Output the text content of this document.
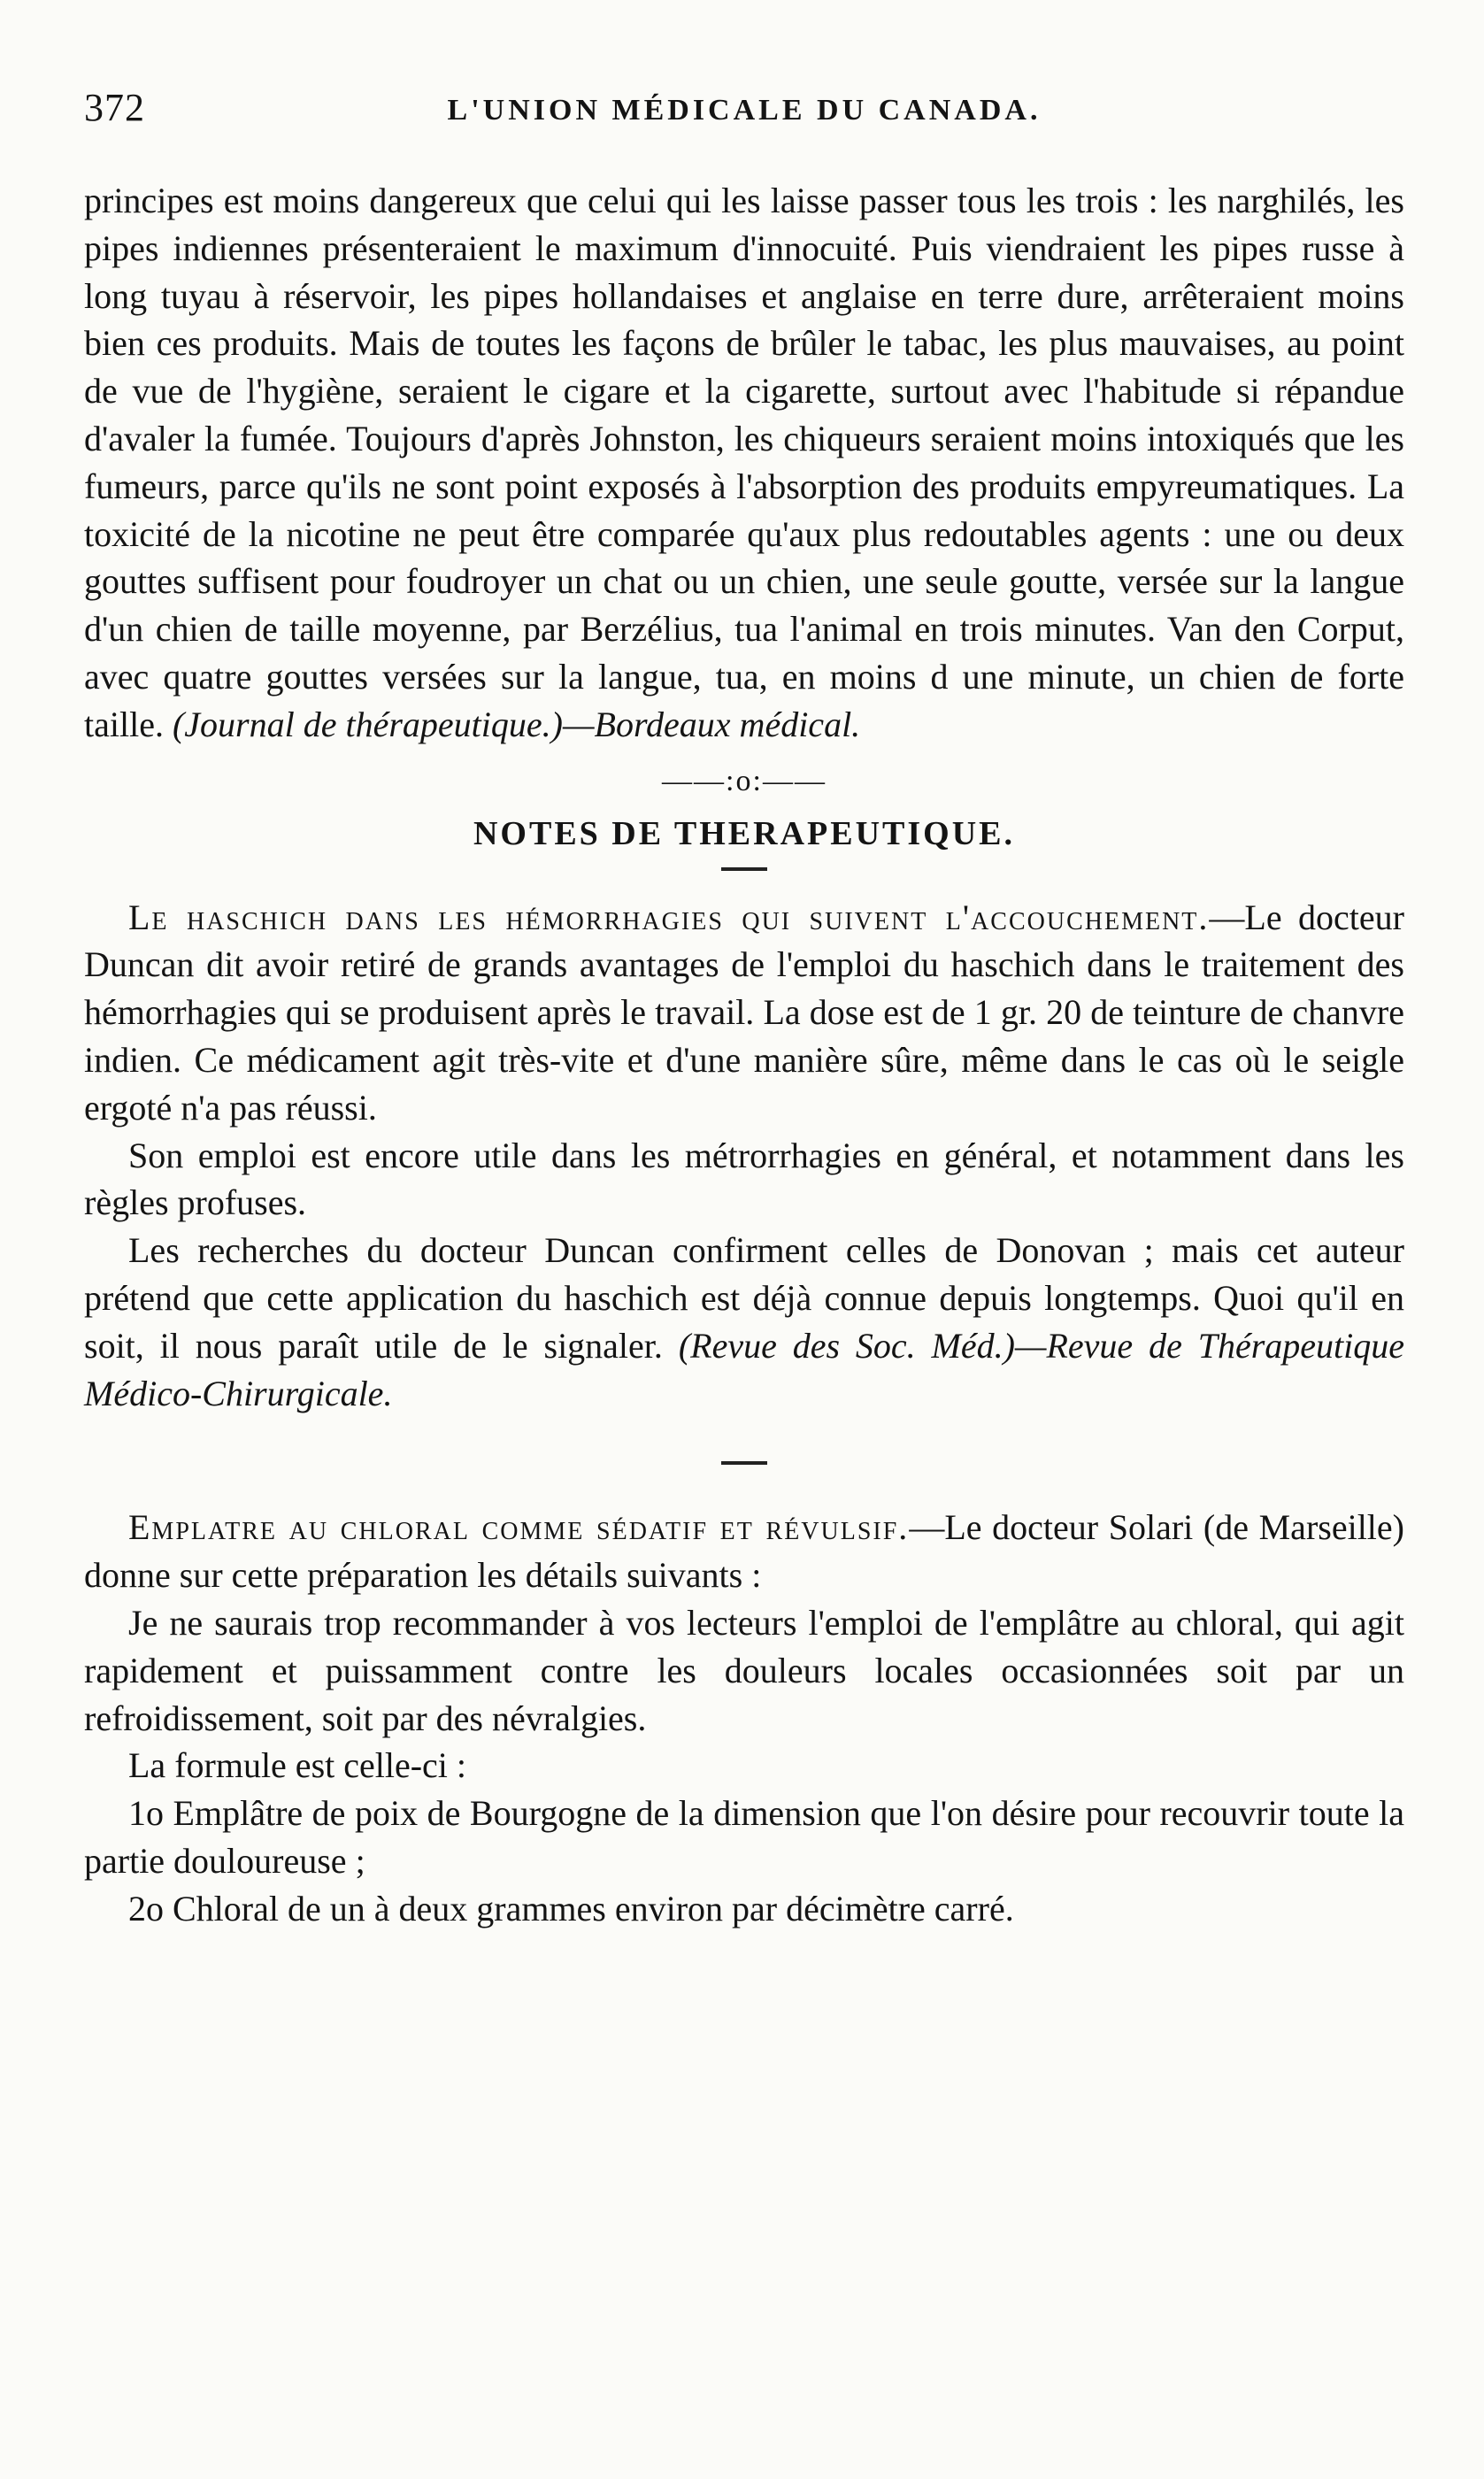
372	L'UNION MÉDICALE DU CANADA.

principes est moins dangereux que celui qui les laisse passer tous les trois : les narghilés, les pipes indiennes présenteraient le maximum d'innocuité. Puis viendraient les pipes russe à long tuyau à réservoir, les pipes hollandaises et anglaise en terre dure, arrêteraient moins bien ces produits. Mais de toutes les façons de brûler le tabac, les plus mauvaises, au point de vue de l'hygiène, seraient le cigare et la cigarette, surtout avec l'habitude si répandue d'avaler la fumée. Toujours d'après Johnston, les chiqueurs seraient moins intoxiqués que les fumeurs, parce qu'ils ne sont point exposés à l'absorption des produits empyreumatiques. La toxicité de la nicotine ne peut être comparée qu'aux plus redoutables agents : une ou deux gouttes suffisent pour foudroyer un chat ou un chien, une seule goutte, versée sur la langue d'un chien de taille moyenne, par Berzélius, tua l'animal en trois minutes. Van den Corput, avec quatre gouttes versées sur la langue, tua, en moins d une minute, un chien de forte taille. (Journal de thérapeutique.)—Bordeaux médical.

——:o:——
NOTES DE THERAPEUTIQUE.

Le haschich dans les hémorrhagies qui suivent l'accouchement.—Le docteur Duncan dit avoir retiré de grands avantages de l'emploi du haschich dans le traitement des hémorrhagies qui se produisent après le travail. La dose est de 1 gr. 20 de teinture de chanvre indien. Ce médicament agit très-vite et d'une manière sûre, même dans le cas où le seigle ergoté n'a pas réussi.

Son emploi est encore utile dans les métrorrhagies en général, et notamment dans les règles profuses.

Les recherches du docteur Duncan confirment celles de Donovan ; mais cet auteur prétend que cette application du haschich est déjà connue depuis longtemps. Quoi qu'il en soit, il nous paraît utile de le signaler. (Revue des Soc. Méd.)—Revue de Thérapeutique Médico-Chirurgicale.

Emplatre au chloral comme sédatif et révulsif.—Le docteur Solari (de Marseille) donne sur cette préparation les détails suivants :

Je ne saurais trop recommander à vos lecteurs l'emploi de l'emplâtre au chloral, qui agit rapidement et puissamment contre les douleurs locales occasionnées soit par un refroidissement, soit par des névralgies.

La formule est celle-ci :

1o Emplâtre de poix de Bourgogne de la dimension que l'on désire pour recouvrir toute la partie douloureuse ;

2o Chloral de un à deux grammes environ par décimètre carré.
